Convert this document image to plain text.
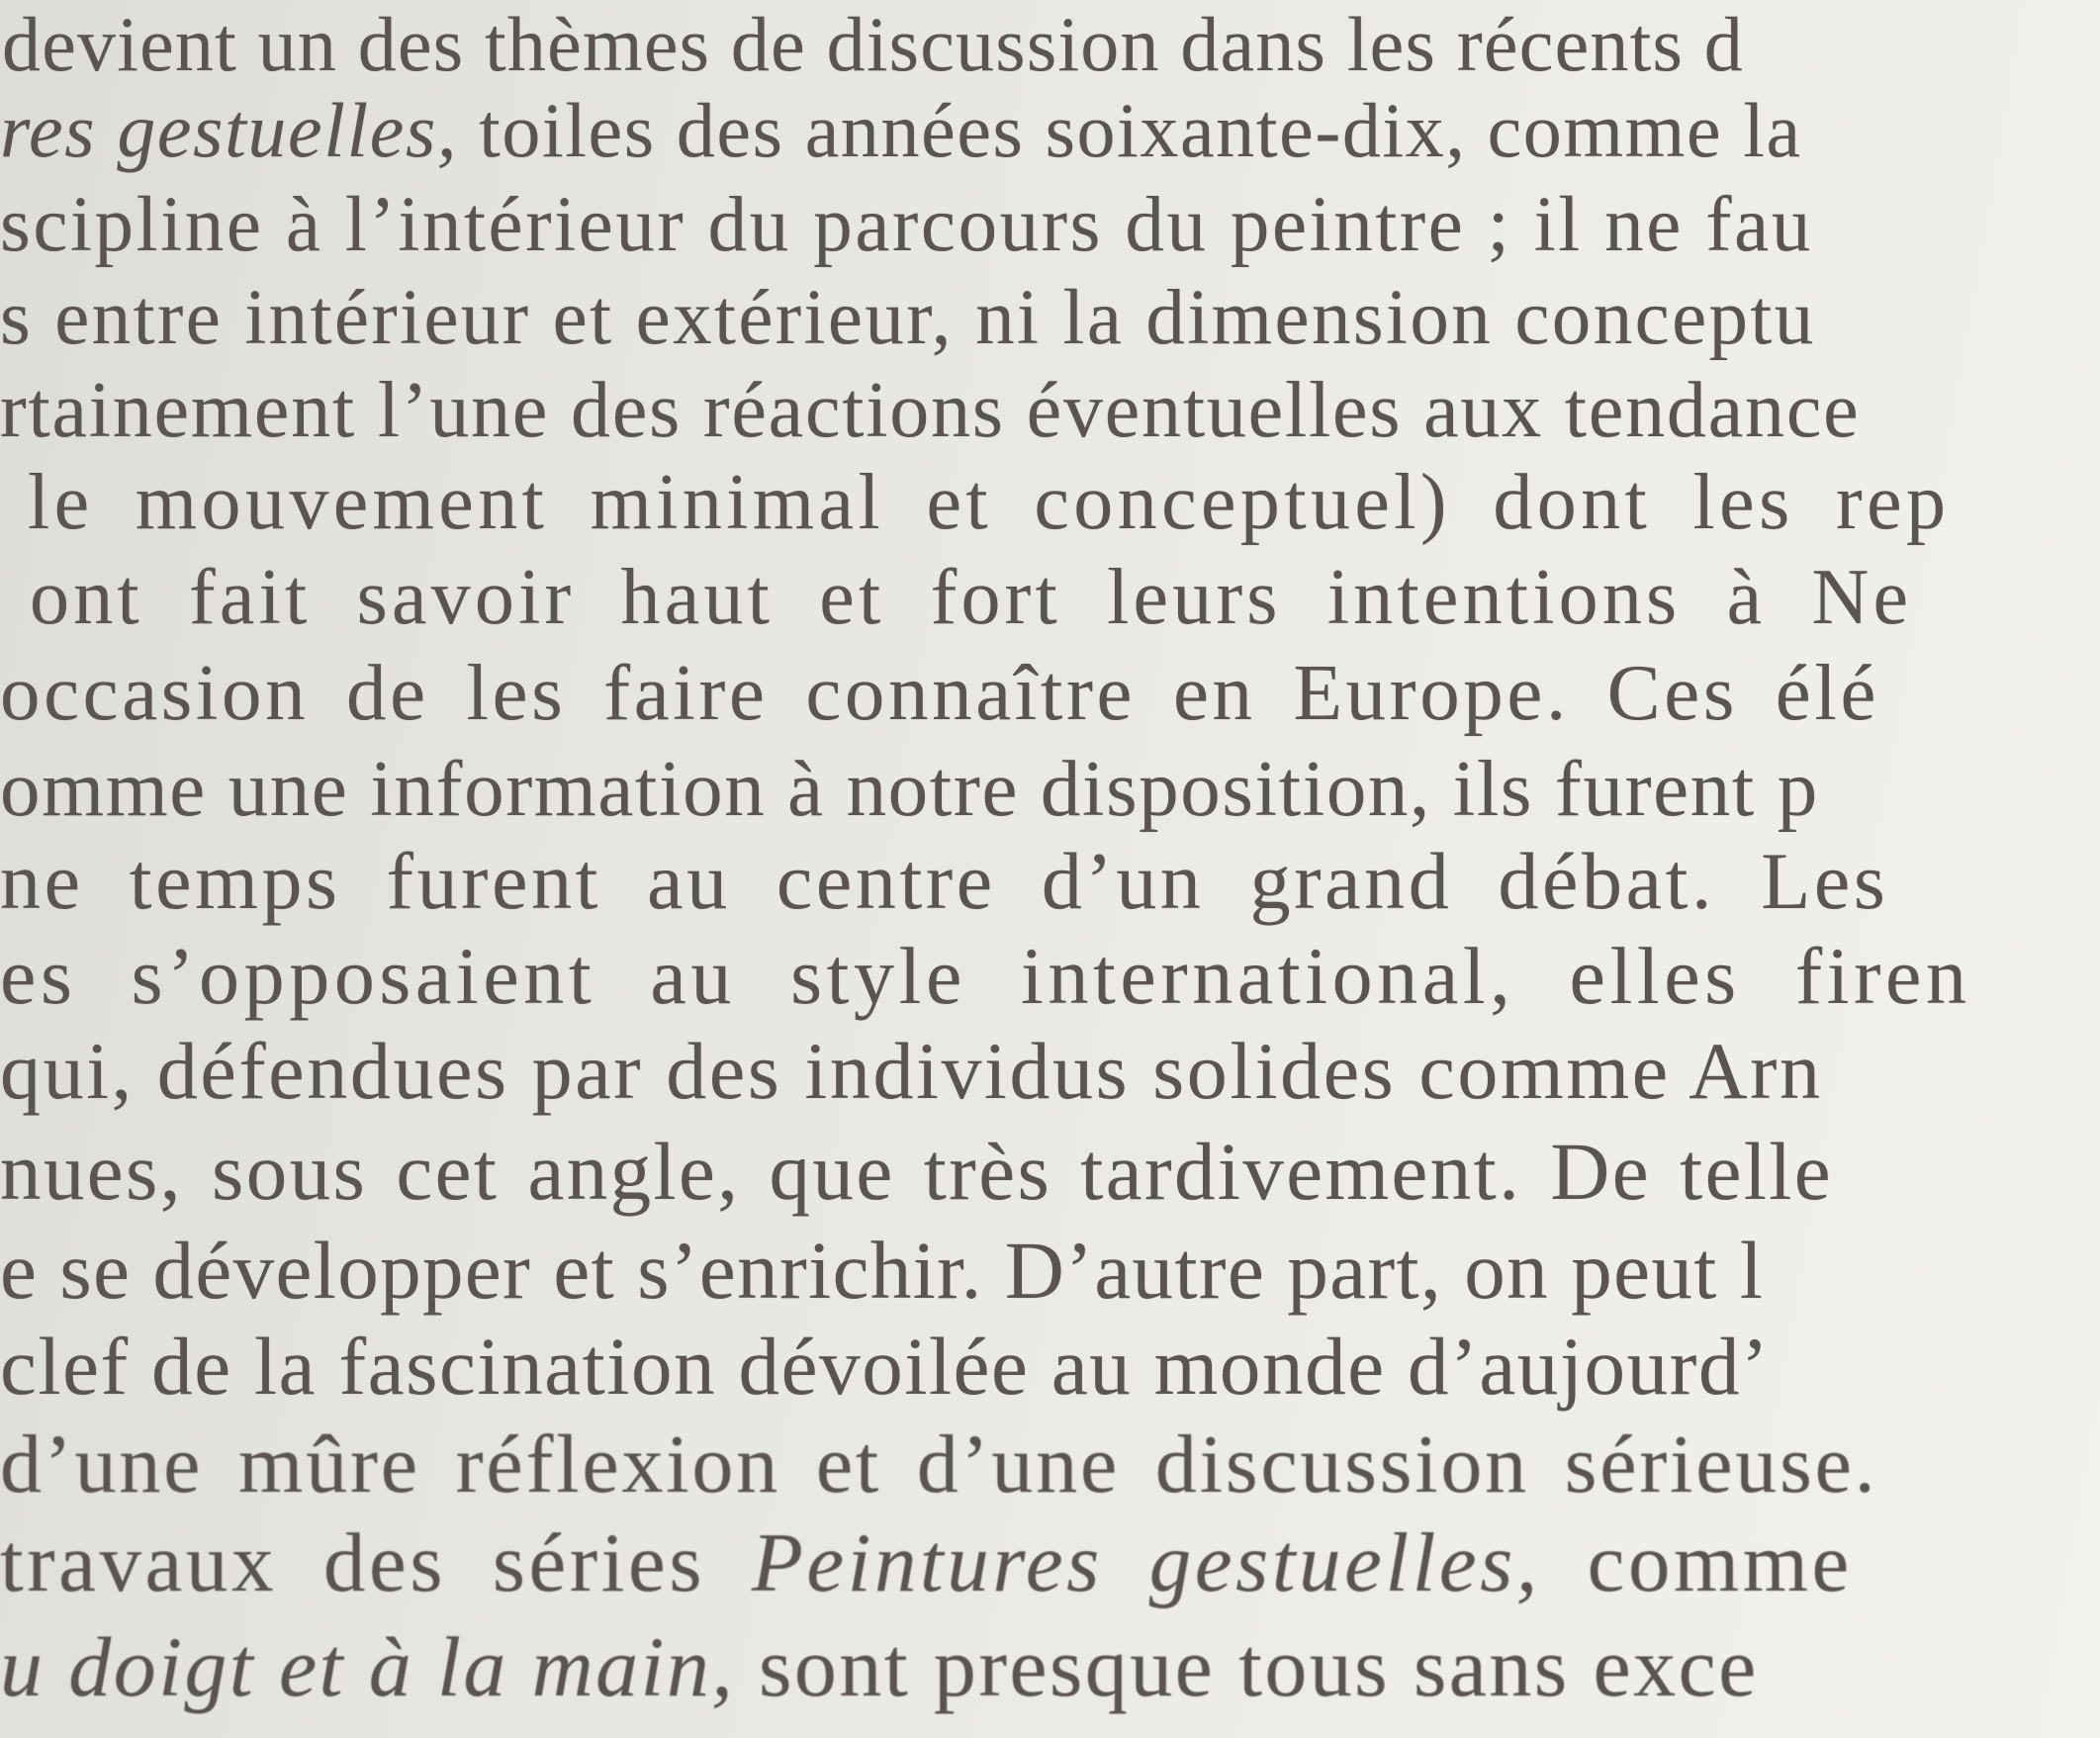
devient un des thèmes de discussion dans les récents d
res gestuelles, toiles des années soixante-dix, comme la
scipline à l’intérieur du parcours du peintre ; il ne fau
s entre intérieur et extérieur, ni la dimension conceptu
rtainement l’une des réactions éventuelles aux tendance
le mouvement minimal et conceptuel) dont les rep
ont fait savoir haut et fort leurs intentions à Ne
occasion de les faire connaître en Europe. Ces élé
omme une information à notre disposition, ils furent p
ne temps furent au centre d’un grand débat. Les
es s’opposaient au style international, elles firen
qui, défendues par des individus solides comme Arn
nues, sous cet angle, que très tardivement. De telle
e se développer et s’enrichir. D’autre part, on peut l
clef de la fascination dévoilée au monde d’aujourd’
d’une mûre réflexion et d’une discussion sérieuse.
travaux des séries Peintures gestuelles, comme
u doigt et à la main, sont presque tous sans exce
